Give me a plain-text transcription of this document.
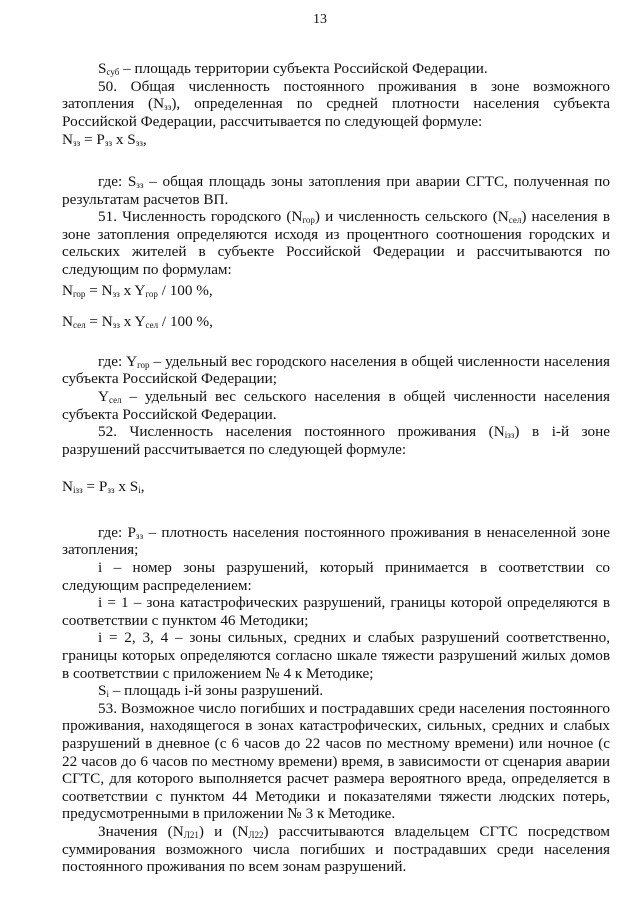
13

$S_{суб}$ – площадь территории субъекта Российской Федерации.

50. Общая численность постоянного проживания в зоне возможного затопления $(N_{зз})$, определенная по средней плотности населения субъекта Российской Федерации, рассчитывается по следующей формуле:

$N_{зз} = P_{зз}$ x $S_{зз}$,

где: $S_{зз}$ – общая площадь зоны затопления при аварии СГТС, полученная по результатам расчетов ВП.

51. Численность городского $(N_{гор})$ и численность сельского $(N_{сел})$ населения в зоне затопления определяются исходя из процентного соотношения городских и сельских жителей в субъекте Российской Федерации и рассчитываются по следующим по формулам:

$N_{гор} = N_{зз}$ x $Y_{гор} / 100$ %,

$N_{сел} = N_{зз}$ x $Y_{сел} / 100$ %,

где: $Y_{гор}$ – удельный вес городского населения в общей численности населения субъекта Российской Федерации;

$Y_{сел}$ – удельный вес сельского населения в общей численности населения субъекта Российской Федерации.

52. Численность населения постоянного проживания $(N_{iзз})$ в i-й зоне разрушений рассчитывается по следующей формуле:

$N_{iзз} = P_{зз}$ x $S_i$,

где: $P_{зз}$ – плотность населения постоянного проживания в ненаселенной зоне затопления;

i – номер зоны разрушений, который принимается в соответствии со следующим распределением:

i = 1 – зона катастрофических разрушений, границы которой определяются в соответствии с пунктом 46 Методики;

i = 2, 3, 4 – зоны сильных, средних и слабых разрушений соответственно, границы которых определяются согласно шкале тяжести разрушений жилых домов в соответствии с приложением № 4 к Методике;

$S_i$ – площадь i-й зоны разрушений.

53. Возможное число погибших и пострадавших среди населения постоянного проживания, находящегося в зонах катастрофических, сильных, средних и слабых разрушений в дневное (с 6 часов до 22 часов по местному времени) или ночное (с 22 часов до 6 часов по местному времени) время, в зависимости от сценария аварии СГТС, для которого выполняется расчет размера вероятного вреда, определяется в соответствии с пунктом 44 Методики и показателями тяжести людских потерь, предусмотренными в приложении № 3 к Методике.

Значения $(N_{Л21})$ и $(N_{Л22})$ рассчитываются владельцем СГТС посредством суммирования возможного числа погибших и пострадавших среди населения постоянного проживания по всем зонам разрушений.
